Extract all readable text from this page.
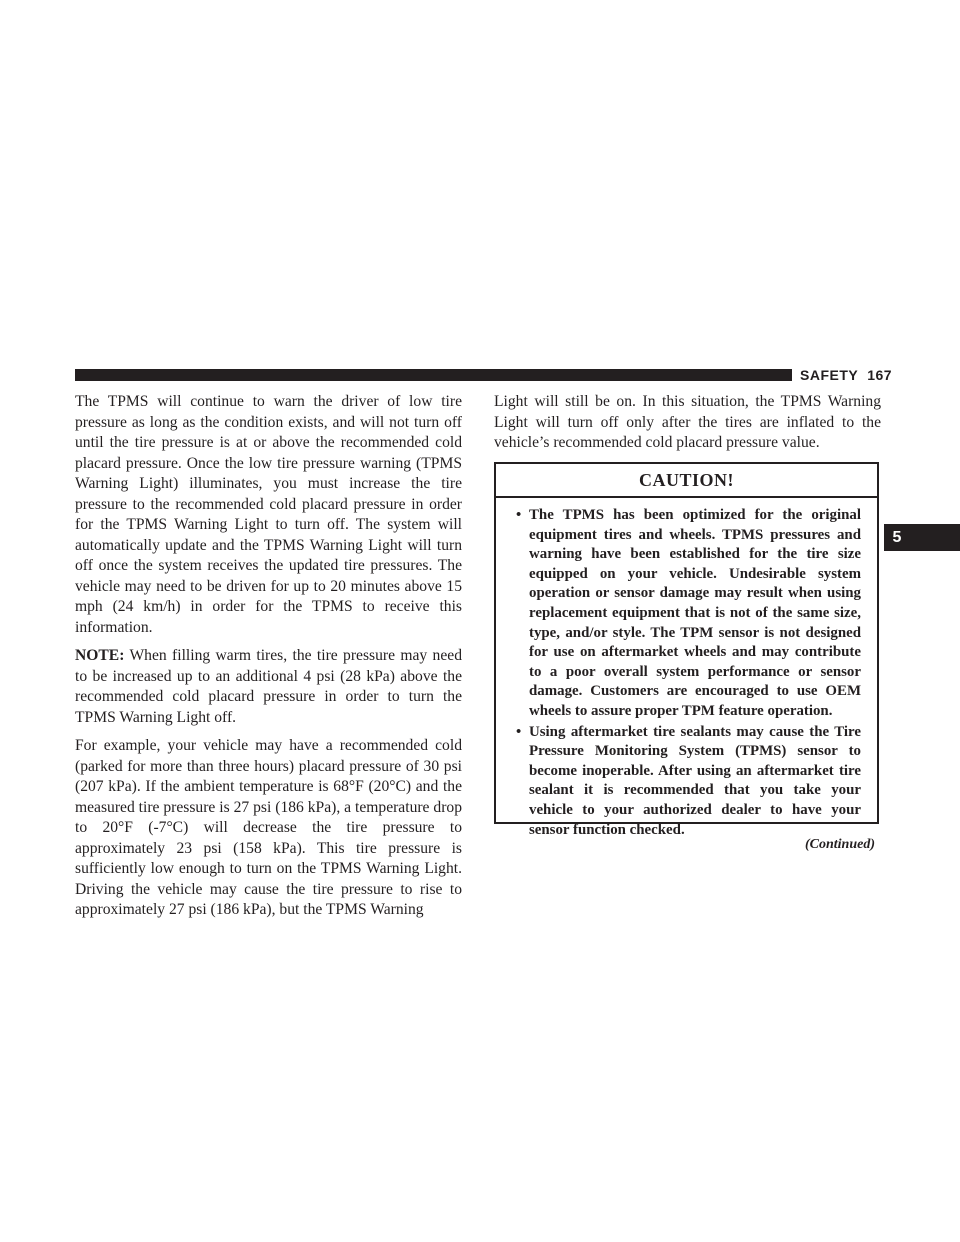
SAFETY 167
5

The TPMS will continue to warn the driver of low tire pressure as long as the condition exists, and will not turn off until the tire pressure is at or above the recommended cold placard pressure. Once the low tire pressure warning (TPMS Warning Light) illuminates, you must increase the tire pressure to the recommended cold placard pressure in order for the TPMS Warning Light to turn off. The system will automatically update and the TPMS Warning Light will turn off once the system receives the updated tire pressures. The vehicle may need to be driven for up to 20 minutes above 15 mph (24 km/h) in order for the TPMS to receive this information.

NOTE: When filling warm tires, the tire pressure may need to be increased up to an additional 4 psi (28 kPa) above the recommended cold placard pressure in order to turn the TPMS Warning Light off.

For example, your vehicle may have a recommended cold (parked for more than three hours) placard pressure of 30 psi (207 kPa). If the ambient temperature is 68°F (20°C) and the measured tire pressure is 27 psi (186 kPa), a temperature drop to 20°F (-7°C) will decrease the tire pressure to approximately 23 psi (158 kPa). This tire pressure is sufficiently low enough to turn on the TPMS Warning Light. Driving the vehicle may cause the tire pressure to rise to approximately 27 psi (186 kPa), but the TPMS Warning

Light will still be on. In this situation, the TPMS Warning Light will turn off only after the tires are inflated to the vehicle’s recommended cold placard pressure value.

CAUTION!
• The TPMS has been optimized for the original equipment tires and wheels. TPMS pressures and warning have been established for the tire size equipped on your vehicle. Undesirable system operation or sensor damage may result when using replacement equipment that is not of the same size, type, and/or style. The TPM sensor is not designed for use on aftermarket wheels and may contribute to a poor overall system performance or sensor damage. Customers are encouraged to use OEM wheels to assure proper TPM feature operation.
• Using aftermarket tire sealants may cause the Tire Pressure Monitoring System (TPMS) sensor to become inoperable. After using an aftermarket tire sealant it is recommended that you take your vehicle to your authorized dealer to have your sensor function checked.
(Continued)
